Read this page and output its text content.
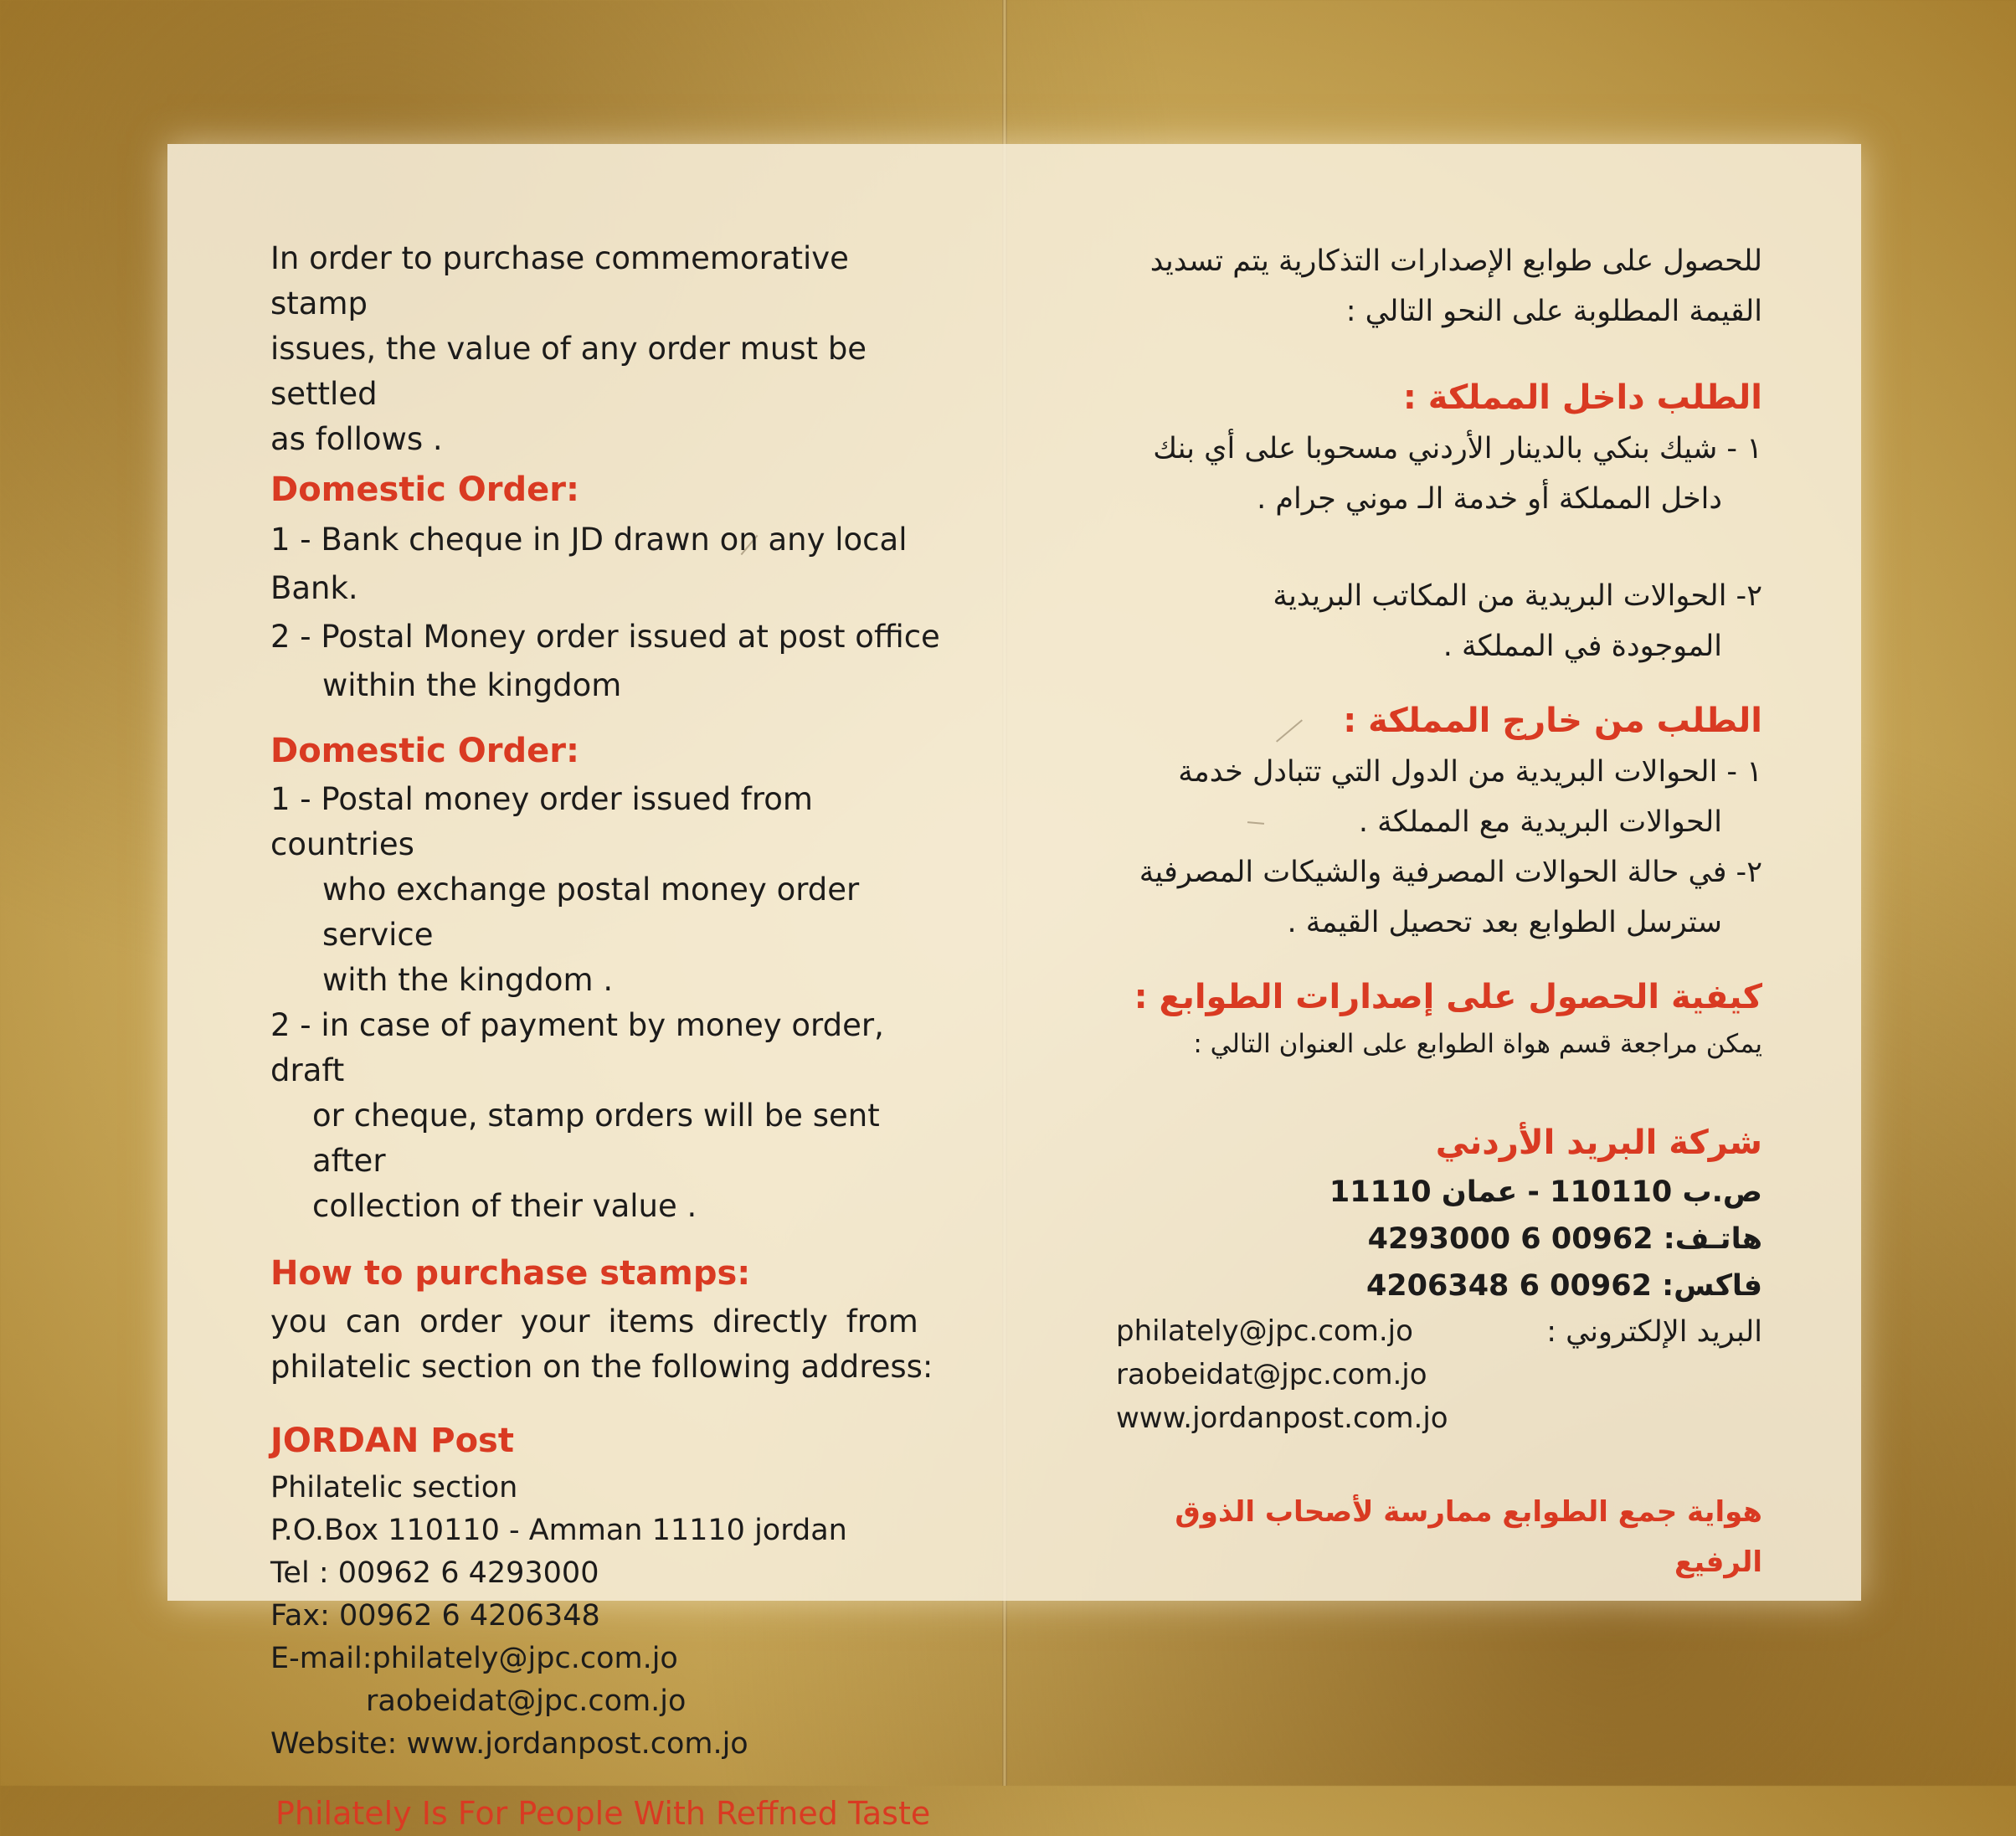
In order to purchase commemorative stamp

issues, the value of any order must be settled

as follows .

Domestic Order:

1 - Bank cheque in JD drawn on any local Bank.

2 - Postal Money order issued at post office

within the kingdom

Domestic Order:

1 - Postal money order issued from countries

who exchange postal money order service

with the kingdom .

2 - in case of payment by money order, draft

or cheque, stamp orders will be sent after

collection of their value .

How to purchase stamps:

you can order your items directly from

philatelic section on the following address:

JORDAN Post

Philatelic section

P.O.Box 110110 - Amman 11110 jordan

Tel : 00962 6 4293000

Fax: 00962 6 4206348

E-mail:philately@jpc.com.jo

raobeidat@jpc.com.jo

Website: www.jordanpost.com.jo

Philately Is For People With Reffned Taste

للحصول على طوابع الإصدارات التذكارية يتم تسديد

القيمة المطلوبة على النحو التالي :

الطلب داخل المملكة :

١ - شيك بنكي بالدينار الأردني مسحوبا على أي بنك

داخل المملكة أو خدمة الـ موني جرام .

٢- الحوالات البريدية من المكاتب البريدية

الموجودة في المملكة .

الطلب من خارج المملكة :

١ - الحوالات البريدية من الدول التي تتبادل خدمة

الحوالات البريدية مع المملكة .

٢- في حالة الحوالات المصرفية والشيكات المصرفية

سترسل الطوابع بعد تحصيل القيمة .

كيفية الحصول على إصدارات الطوابع :

يمكن مراجعة قسم هواة الطوابع على العنوان التالي :

شركة البريد الأردني

ص.ب 110110 - عمان 11110

هاتـف: 00962 6 4293000

فاكس: 00962 6 4206348

البريد الإلكتروني :

philately@jpc.com.jo

raobeidat@jpc.com.jo

www.jordanpost.com.jo

هواية جمع الطوابع ممارسة لأصحاب الذوق الرفيع
